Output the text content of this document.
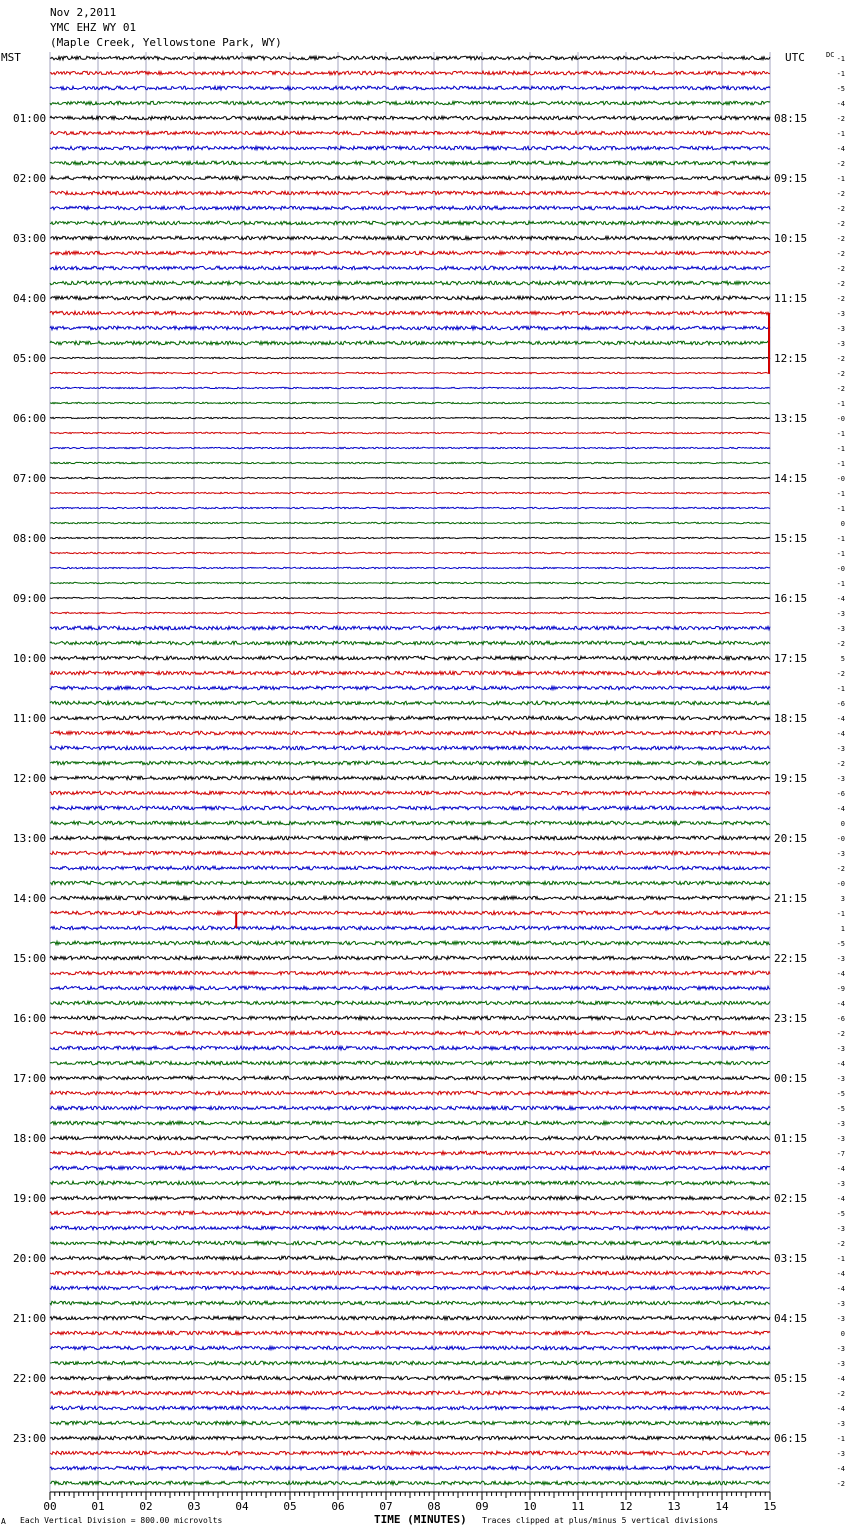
Nov 2,2011
YMC EHZ WY 01
(Maple Creek, Yellowstone Park, WY)
MST	UTC	DC
01:00
02:00
03:00
04:00
05:00
06:00
07:00
08:00
09:00
10:00
11:00
12:00
13:00
14:00
15:00
16:00
17:00
18:00
19:00
20:00
21:00
22:00
23:00
08:15
09:15
10:15
11:15
12:15
13:15
14:15
15:15
16:15
17:15
18:15
19:15
20:15
21:15
22:15
23:15
00:15
01:15
02:15
03:15
04:15
05:15
06:15
-1
-1
-5
-4
-2
-1
-4
-2
-1
-2
-2
-2
-2
-2
-2
-2
-2
-3
-3
-3
-2
-2
-2
-1
-0
-1
-1
-1
-0
-1
-1
0
-1
-1
-0
-1
-4
-3
-3
-2
5
-2
-1
-6
-4
-4
-3
-2
-3
-6
-4
0
-0
-3
-2
-0
3
-1
1
-5
-3
-4
-9
-4
-6
-2
-3
-4
-3
-5
-5
-3
-3
-7
-4
-3
-4
-5
-3
-2
-1
-4
-4
-3
-3
0
-3
-3
-4
-2
-4
-3
-1
-3
-4
-2
00	01	02	03	04	05	06	07	08	09	10	11	12	13	14	15
TIME (MINUTES)
A Each Vertical Division = 800.00 microvolts	Traces clipped at plus/minus 5 vertical divisions
